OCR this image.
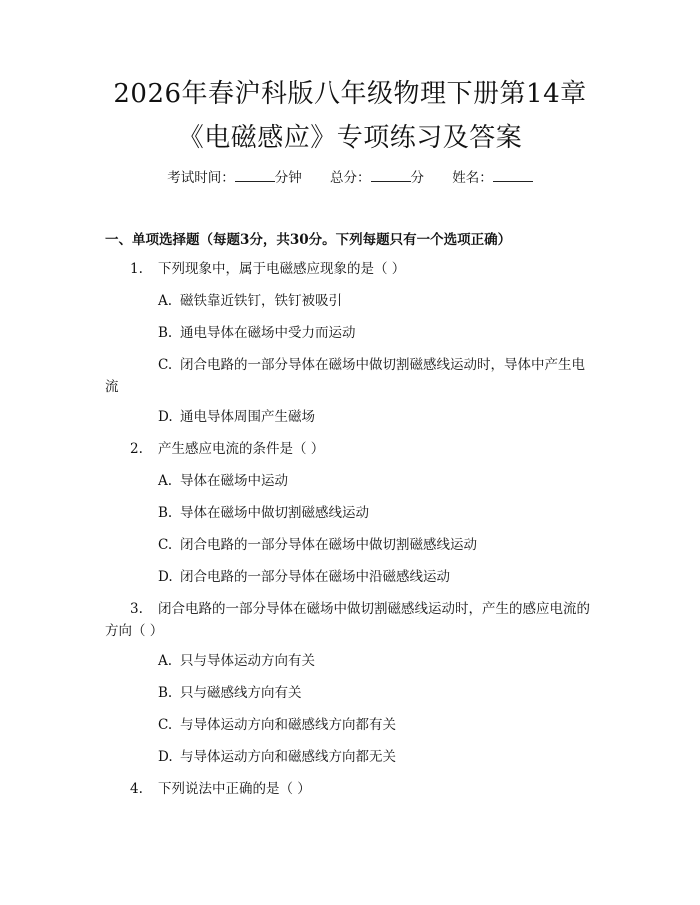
2026年春沪科版八年级物理下册第14章
《电磁感应》专项练习及答案
考试时间：	分钟 总分：	分 姓名：
一、单项选择题（每题3分，共30分。下列每题只有一个选项正确）
1. 下列现象中，属于电磁感应现象的是（ ）
A. 磁铁靠近铁钉，铁钉被吸引
B. 通电导体在磁场中受力而运动
C. 闭合电路的一部分导体在磁场中做切割磁感线运动时，导体中产生电
流
D. 通电导体周围产生磁场
2. 产生感应电流的条件是（ ）
A. 导体在磁场中运动
B. 导体在磁场中做切割磁感线运动
C. 闭合电路的一部分导体在磁场中做切割磁感线运动
D. 闭合电路的一部分导体在磁场中沿磁感线运动
3. 闭合电路的一部分导体在磁场中做切割磁感线运动时，产生的感应电流的
方向（ ）
A. 只与导体运动方向有关
B. 只与磁感线方向有关
C. 与导体运动方向和磁感线方向都有关
D. 与导体运动方向和磁感线方向都无关
4. 下列说法中正确的是（ ）
